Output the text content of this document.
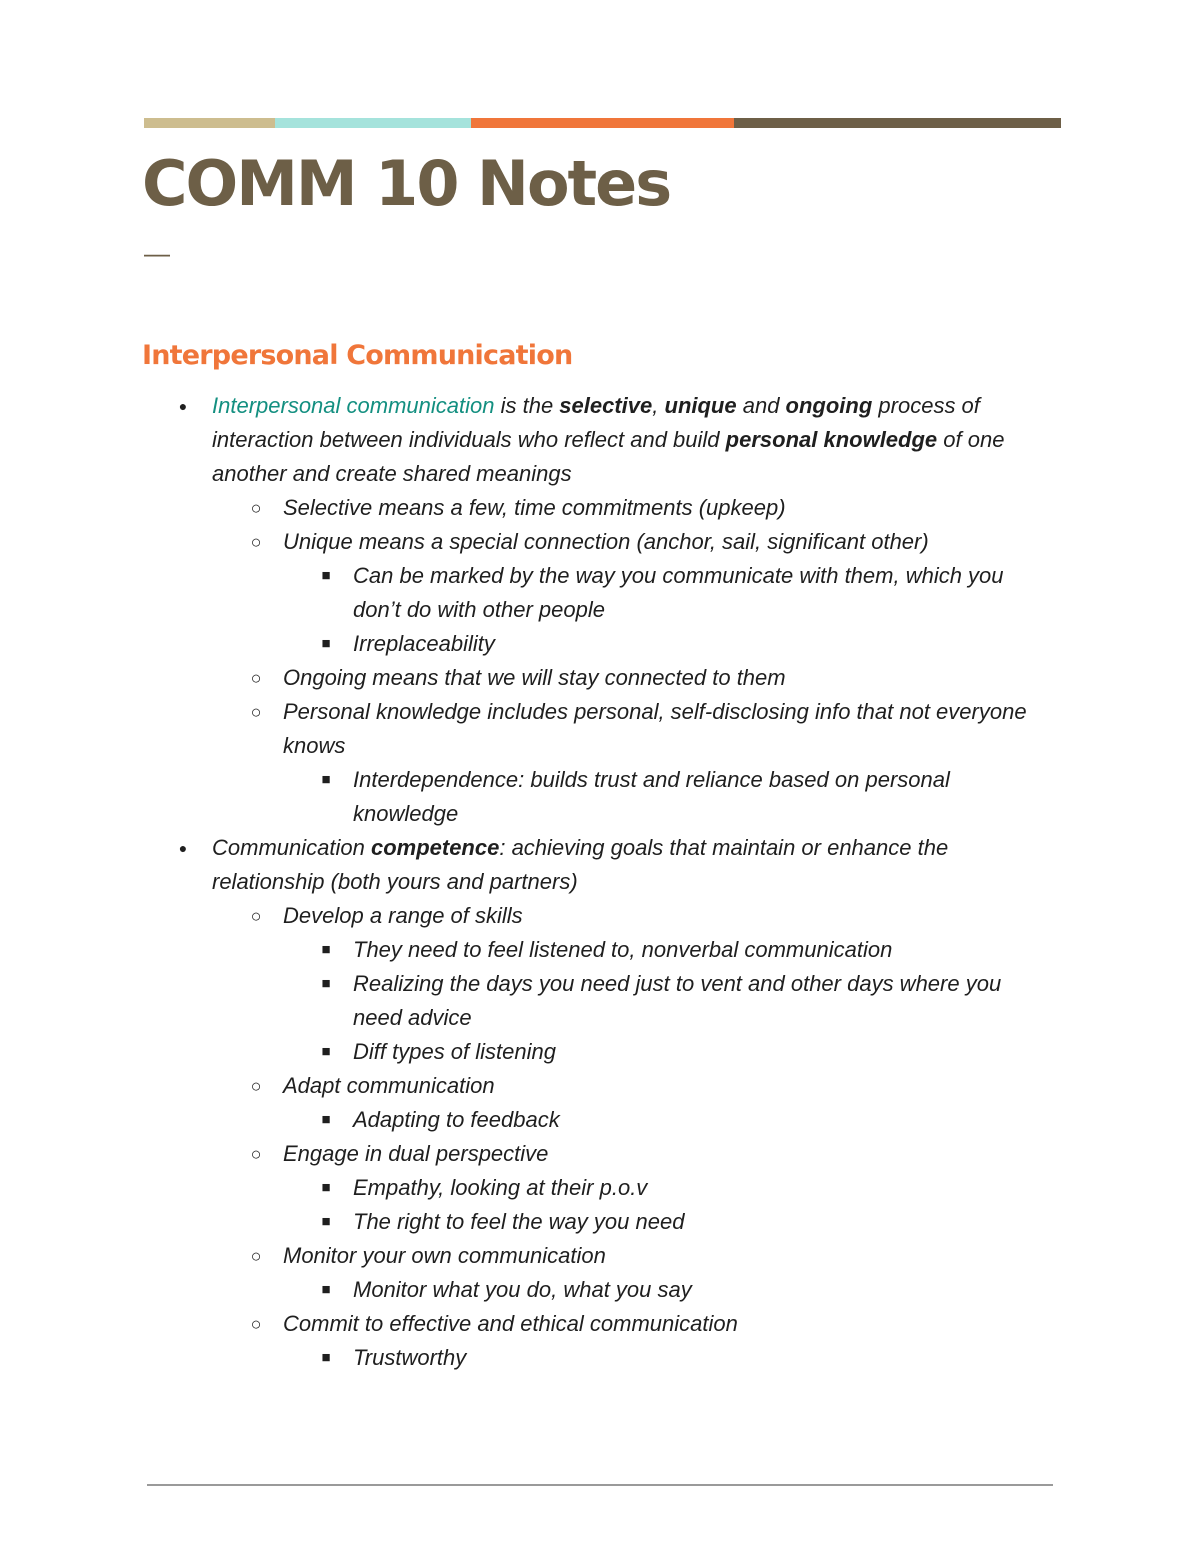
COMM 10 Notes
—
Interpersonal Communication
● Interpersonal communication is the selective, unique and ongoing process of interaction between individuals who reflect and build personal knowledge of one another and create shared meanings
○ Selective means a few, time commitments (upkeep)
○ Unique means a special connection (anchor, sail, significant other)
■ Can be marked by the way you communicate with them, which you don’t do with other people
■ Irreplaceability
○ Ongoing means that we will stay connected to them
○ Personal knowledge includes personal, self-disclosing info that not everyone knows
■ Interdependence: builds trust and reliance based on personal knowledge
● Communication competence: achieving goals that maintain or enhance the relationship (both yours and partners)
○ Develop a range of skills
■ They need to feel listened to, nonverbal communication
■ Realizing the days you need just to vent and other days where you need advice
■ Diff types of listening
○ Adapt communication
■ Adapting to feedback
○ Engage in dual perspective
■ Empathy, looking at their p.o.v
■ The right to feel the way you need
○ Monitor your own communication
■ Monitor what you do, what you say
○ Commit to effective and ethical communication
■ Trustworthy
